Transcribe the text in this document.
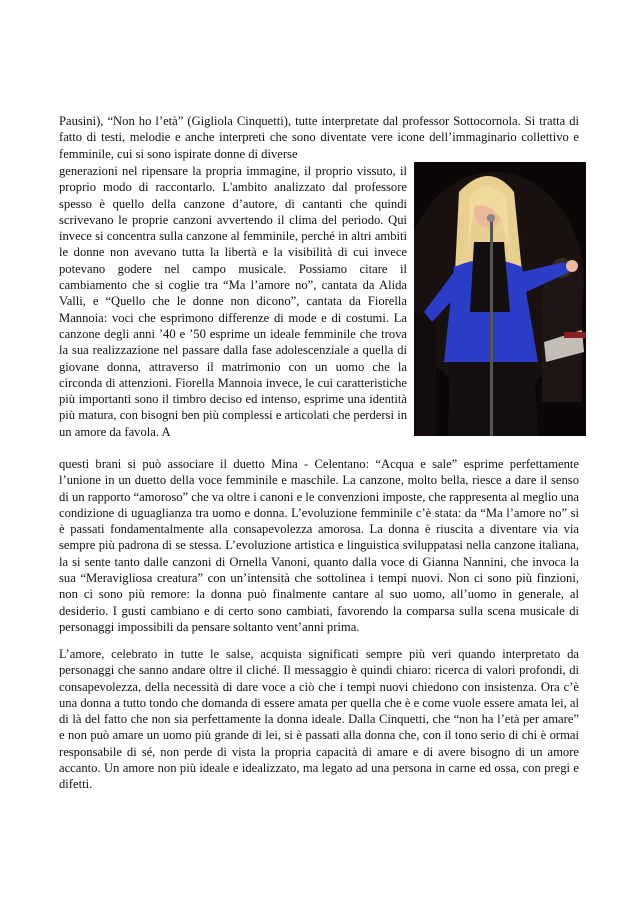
Pausini), “Non ho l’età” (Gigliola Cinquetti), tutte interpretate dal professor Sottocornola. Si tratta di fatto di testi, melodie e anche interpreti che sono diventate vere icone dell’immaginario collettivo e femminile, cui si sono ispirate donne di diverse

generazioni nel ripensare la propria immagine, il proprio vissuto, il proprio modo di raccontarlo. L'ambito analizzato dal professore spesso è quello della canzone d’autore, di cantanti che quindi scrivevano le proprie canzoni avvertendo il clima del periodo. Qui invece si concentra sulla canzone al femminile, perché in altri ambiti le donne non avevano tutta la libertà e la visibilità di cui invece potevano godere nel campo musicale. Possiamo citare il cambiamento che si coglie tra “Ma l’amore no”, cantata da Alida Valli, e “Quello che le donne non dicono”, cantata da Fiorella Mannoia: voci che esprimono differenze di mode e di costumi. La canzone degli anni ’40 e ’50 esprime un ideale femminile che trova la sua realizzazione nel passare dalla fase adolescenziale a quella di giovane donna, attraverso il matrimonio con un uomo che la circonda di attenzioni. Fiorella Mannoia invece, le cui caratteristiche più importanti sono il timbro deciso ed intenso, esprime una identità più matura, con bisogni ben più complessi e articolati che perdersi in un amore da favola. A

questi brani si può associare il duetto Mina - Celentano: “Acqua e sale” esprime perfettamente l’unione in un duetto della voce femminile e maschile. La canzone, molto bella, riesce a dare il senso di un rapporto “amoroso” che va oltre i canoni e le convenzioni imposte, che rappresenta al meglio una condizione di uguaglianza tra uomo e donna. L’evoluzione femminile c’è stata: da “Ma l’amore no” si è passati fondamentalmente alla consapevolezza amorosa. La donna è riuscita a diventare via via sempre più padrona di se stessa. L’evoluzione artistica e linguistica sviluppatasi nella canzone italiana, la si sente tanto dalle canzoni di Ornella Vanoni, quanto dalla voce di Gianna Nannini, che invoca la sua “Meravigliosa creatura” con un’intensità che sottolinea i tempi nuovi. Non ci sono più finzioni, non ci sono più remore: la donna può finalmente cantare al suo uomo, all’uomo in generale, al desiderio. I gusti cambiano e di certo sono cambiati, favorendo la comparsa sulla scena musicale di personaggi impossibili da pensare soltanto vent’anni prima.

L’amore, celebrato in tutte le salse, acquista significati sempre più veri quando interpretato da personaggi che sanno andare oltre il cliché. Il messaggio è quindi chiaro: ricerca di valori profondi, di consapevolezza, della necessità di dare voce a ciò che i tempi nuovi chiedono con insistenza. Ora c’è una donna a tutto tondo che domanda di essere amata per quella che è e come vuole essere amata lei, al di là del fatto che non sia perfettamente la donna ideale. Dalla Cinquetti, che “non ha l’età per amare” e non può amare un uomo più grande di lei, si è passati alla donna che, con il tono serio di chi è ormai responsabile di sé, non perde di vista la propria capacità di amare e di avere bisogno di un amore accanto. Un amore non più ideale e idealizzato, ma legato ad una persona in carne ed ossa, con pregi e difetti.
